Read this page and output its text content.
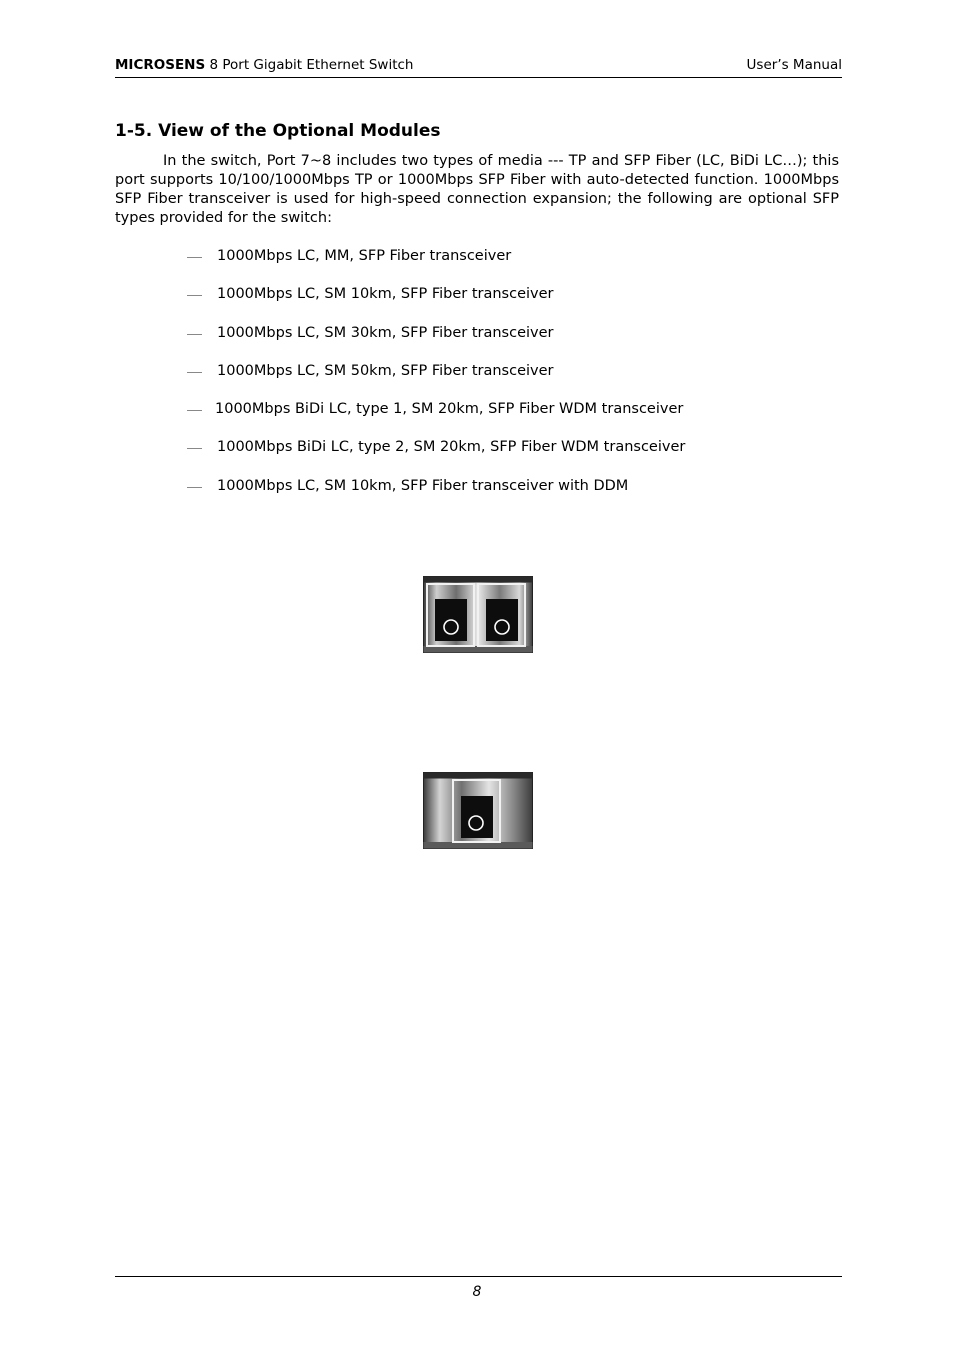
MICROSENS 8 Port Gigabit Ethernet Switch	User’s Manual
1-5. View of the Optional Modules

In the switch, Port 7~8 includes two types of media --- TP and SFP Fiber (LC, BiDi LC…); this port supports 10/100/1000Mbps TP or 1000Mbps SFP Fiber with auto-detected function. 1000Mbps SFP Fiber transceiver is used for high-speed connection expansion; the following are optional SFP types provided for the switch:

1000Mbps LC, MM, SFP Fiber transceiver
1000Mbps LC, SM 10km, SFP Fiber transceiver
1000Mbps LC, SM 30km, SFP Fiber transceiver
1000Mbps LC, SM 50km, SFP Fiber transceiver
1000Mbps BiDi LC, type 1, SM 20km, SFP Fiber WDM transceiver
1000Mbps BiDi LC, type 2, SM 20km, SFP Fiber WDM transceiver
1000Mbps LC, SM 10km, SFP Fiber transceiver with DDM
8
